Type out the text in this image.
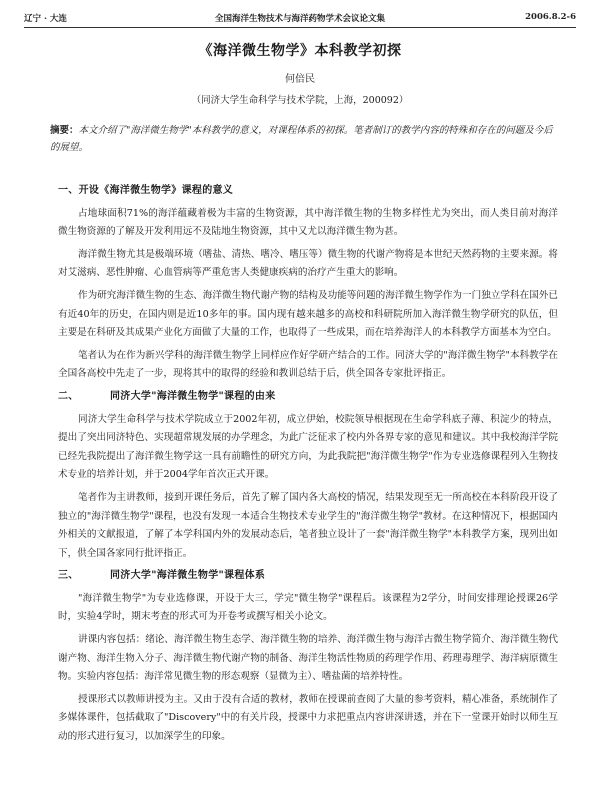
辽宁 · 大连	全国海洋生物技术与海洋药物学术会议论文集	2006.8.2-6
《海洋微生物学》本科教学初探
何倍民
（同济大学生命科学与技术学院，上海，200092）
摘要：本文介绍了"海洋微生物学"本科教学的意义，对课程体系的初探。笔者制订的教学内容的特殊和存在的问题及今后的展望。
一、开设《海洋微生物学》课程的意义

占地球面积71%的海洋蕴藏着极为丰富的生物资源，其中海洋微生物的生物多样性尤为突出，而人类目前对海洋微生物资源的了解及开发利用远不及陆地生物资源，其中又尤以海洋微生物为甚。

海洋微生物尤其是极端环境（嗜盐、清热、嗜冷、嗜压等）微生物的代谢产物将是本世纪天然药物的主要来源。将对艾滋病、恶性肿瘤、心血管病等严重危害人类健康疾病的治疗产生重大的影响。

作为研究海洋微生物的生态、海洋微生物代谢产物的结构及功能等问题的海洋微生物学作为一门独立学科在国外已有近40年的历史，在国内则是近10多年的事。国内现有越来越多的高校和科研院所加入海洋微生物学研究的队伍，但主要是在科研及其成果产业化方面做了大量的工作，也取得了一些成果，而在培养海洋人的本科教学方面基本为空白。

笔者认为在作为新兴学科的海洋微生物学上同样应作好学研产结合的工作。同济大学的"海洋微生物学"本科教学在全国各高校中先走了一步，现将其中的取得的经验和教训总结于后，供全国各专家批评指正。

二、	同济大学"海洋微生物学"课程的由来

同济大学生命科学与技术学院成立于2002年初，成立伊始，校院领导根据现在生命学科底子薄、积淀少的特点，提出了突出同济特色、实现超常规发展的办学理念，为此广泛征求了校内外各界专家的意见和建议。其中我校海洋学院已经先我院提出了海洋微生物学这一具有前瞻性的研究方向，为此我院把"海洋微生物学"作为专业选修课程列入生物技术专业的培养计划，并于2004学年首次正式开课。

笔者作为主讲教师，接到开课任务后，首先了解了国内各大高校的情况，结果发现至无一所高校在本科阶段开设了独立的"海洋微生物学"课程，也没有发现一本适合生物技术专业学生的"海洋微生物学"教材。在这种情况下，根据国内外相关的文献报道，了解了本学科国内外的发展动态后，笔者独立设计了一套"海洋微生物学"本科教学方案，现列出如下，供全国各家同行批评指正。

三、	同济大学"海洋微生物学"课程体系

"海洋微生物学"为专业选修课，开设于大三，学完"微生物学"课程后。该课程为2学分，时间安排理论授课26学时，实验4学时，期末考查的形式可为开卷考或撰写相关小论文。

讲课内容包括：绪论、海洋微生物生态学、海洋微生物的培养、海洋微生物与海洋古微生物学简介、海洋微生物代谢产物、海洋生物入分子、海洋微生物代谢产物的制备、海洋生物活性物质的药理学作用、药理毒理学、海洋病原微生物。实验内容包括：海洋常见微生物的形态观察（显微为主）、嗜盐菌的培养特性。

授课形式以教师讲授为主。又由于没有合适的教材，教师在授课前查阅了大量的参考资料，精心准备，系统制作了多媒体课件，包括截取了"Discovery"中的有关片段，授课中力求把重点内容讲深讲透，并在下一堂课开始时以师生互动的形式进行复习，以加深学生的印象。
